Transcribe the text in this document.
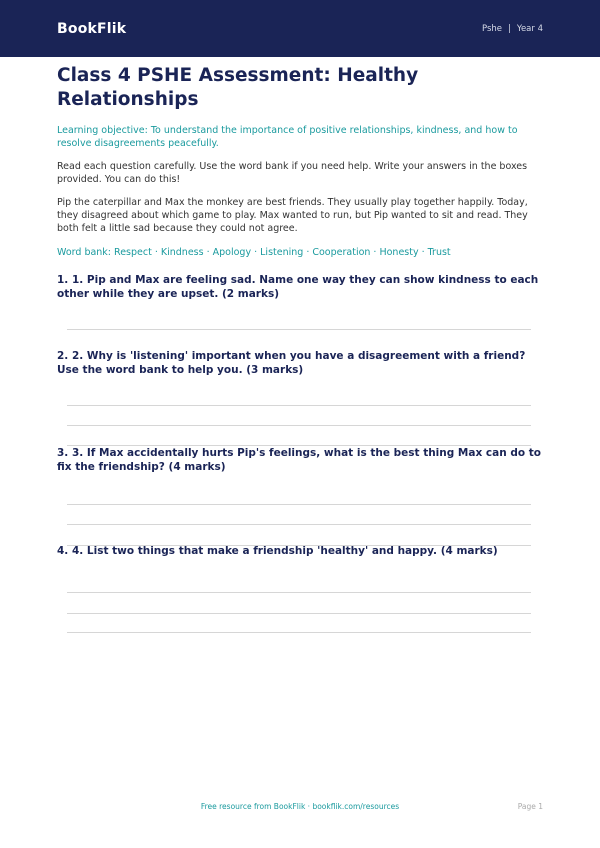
BookFlik	Pshe | Year 4
Class 4 PSHE Assessment: Healthy Relationships
Learning objective: To understand the importance of positive relationships, kindness, and how to resolve disagreements peacefully.
Read each question carefully. Use the word bank if you need help. Write your answers in the boxes provided. You can do this!
Pip the caterpillar and Max the monkey are best friends. They usually play together happily. Today, they disagreed about which game to play. Max wanted to run, but Pip wanted to sit and read. They both felt a little sad because they could not agree.
Word bank: Respect · Kindness · Apology · Listening · Cooperation · Honesty · Trust
1. 1. Pip and Max are feeling sad. Name one way they can show kindness to each other while they are upset. (2 marks)
2. 2. Why is 'listening' important when you have a disagreement with a friend? Use the word bank to help you. (3 marks)
3. 3. If Max accidentally hurts Pip's feelings, what is the best thing Max can do to fix the friendship? (4 marks)
4. 4. List two things that make a friendship 'healthy' and happy. (4 marks)
Free resource from BookFlik · bookflik.com/resources	Page 1
